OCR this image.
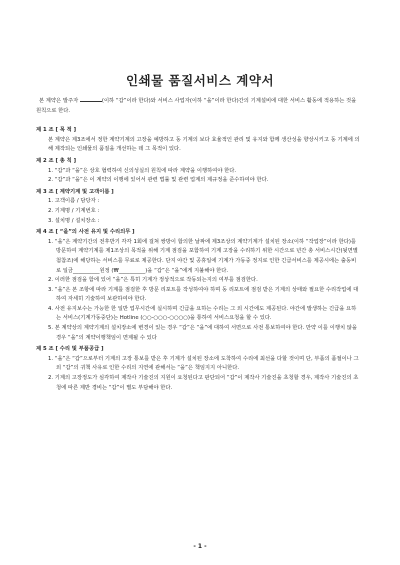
인쇄물 품질서비스 계약서

본 계약은 발주자	(이하 “갑”이라 한다)와 서비스 사업자(이하 “을”이라 한다)간의 기계설비에 대한 서비스 활동에 적용하는 것을 원칙으로 한다.

제 1 조 [ 목 적 ]

본 계약은 제3조에서 정한 계약기계의 고장을 예방하고 동 기계의 보다 효율적인 관리 및 유지와 함께 생산성을 향상시키고 동 기계에 의해 제작되는 인쇄물의 품질을 개선하는 데 그 목적이 있다.

제 2 조 [ 총 칙 ]

1. “갑”과 “을”은 상호 협력하여 신의성실의 원칙에 따라 계약을 이행하여야 한다.

2. “갑”과 “을”은 이 계약의 이행에 있어서 관련 법률 및 관련 업계의 제규정을 준수하여야 한다.

제 3 조 [ 계약기계 및 고객이름 ]

1. 고객이름 / 담당자 :

2. 기계명 / 기계번호 :

3. 설치명 / 설치장소 :

제 4 조 [ “을”의 사전 유지 및 수리의무 ]

1. “을”은 계약기간의 전후반기 각각 1회에 걸쳐 쌍방이 합의한 날짜에 제3조상의 계약기계가 설치된 장소(이하 “작업장”이라 한다)를 방문하여 계약기계를 제1조상의 목적을 위해 기계 점검을 포함하여 기계 고장을 수리하기 위한 시간으로 년간 총 서비스시간(뒷면별첨참조)에 해당하는 서비스를 무료로 제공한다. 단지 야간 및 공휴일에 기계가 가동중 정지로 인한 긴급서비스를 제공시에는 출동비로 일금__________원정 (₩__________)을 “갑”은 “을”에게 지불해야 한다.

2. 이러한 점검을 함에 있어 “을”은 특히 기계가 정상적으로 작동되는지의 여부를 점검한다.

3. “을”은 본 조항에 따라 기계를 점검한 후 방문 리포트를 작성하여야 하며 동 리포트에 점검 받은 기계의 상태와 필요한 수리작업에 대하여 자세히 기술하여 보관하여야 한다.

4. 사전 유지보수는 가능한 한 일반 업무시간에 실시하며 긴급을 요하는 수리는 그 외 시간에도 제공된다. 야간에 발생하는 긴급을 요하는 서비스(기계가동중단)는 Hotline (○○-○○○-○○○○)을 통하여 서비스요청을 할 수 있다.

5. 본 계약상의 계약기계의 설치장소에 변경이 있는 경우 “갑”은 “을”에 대하여 서면으로 사전 통보하여야 한다. 만약 이를 이행치 않을 경우 “을”의 계약이행책임이 면제될 수 있다

제 5 조 [ 수리 및 부품공급 ]

1. “을”은 “갑”으로부터 기계의 고장 통보를 받은 후 기계가 설치된 장소에 도착하여 수리에 최선을 다할 것이며 단, 부품의 품절이나 그 외 “갑”의 귀책 사유로 인한 수리의 지연에 관해서는 “을”은 책임지지 아니한다.

2. 기계의 고장정도가 심각하여 제작사 기술진의 지원이 요청된다고 판단되어 “갑”이 제작사 기술진을 초청할 경우, 제작사 기술진의 초청에 따른 제반 경비는 “갑”이 별도 부담해야 한다.

- 1 -
